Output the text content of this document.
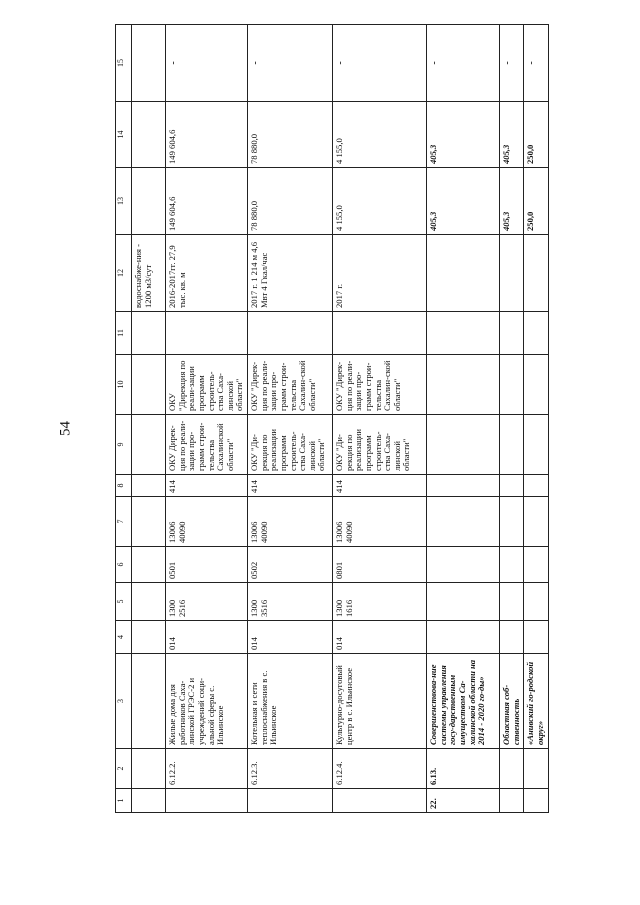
54
1	2	3	4	5	6	7	8	9	10	11	12	13	14	15
											водоснабже-ния - 1200 м3/сут			
	6.12.2.	Жилые дома для работников Саха-линской ГРЭС-2 и учреждений соци-альной сферы с. Ильинское	014	1300 2516	0501	13006 40090	414	ОКУ Дирек-ция по реали-зации про-грамм строи-тельства Сахалинской области"	ОКУ "Дирекция по реали-зации программ строитель-ства Саха-линской области"		2016-2017гг. 27,9 тыс. кв. м	149 604,6	149 604,6	-
	6.12.3.	Котельная и сети теплоснабжения в с. Ильинское	014	1300 3516	0502	13006 40090	414	ОКУ "Ди-рекция по реализации программ строитель-ства Саха-линской области"	ОКУ "Дирек-ция по реали-зации про-грамм строи-тельства Сахалин-ской области"		2017 г. 1 214 м 4,6 Мвт 4 Гкал/час	78 880,0	78 880,0	-
	6.12.4.	Культурно-досуговый центр в с. Ильинское	014	1300 1616	0801	13006 40090	414	ОКУ "Ди-рекция по реализации программ строитель-ства Саха-линской области"	ОКУ "Дирек-ция по реали-зации про-грамм строи-тельства Сахалин-ской области"		2017 г.	4 155,0	4 155,0	-
22.	6.13.	Совершенствова-ние системы управления госу-дарственным имуществом Са-халинской области на 2014 - 2020 го-ды»										405,3	405,3	-
		Областная соб-ственность										405,3	405,3	-
		«Анивский го-родской округ»										250,0	250,0	-
